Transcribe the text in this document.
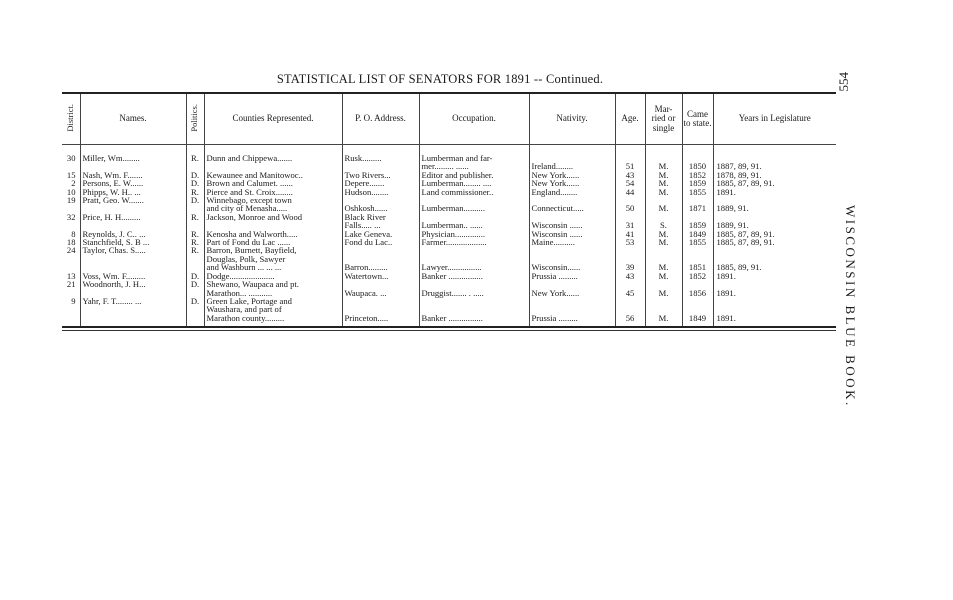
STATISTICAL LIST OF SENATORS FOR 1891 -- Continued.	554
WISCONSIN BLUE BOOK.
District.	Names.	Politics.	Counties Represented.	P. O. Address.	Occupation.	Nativity.	Age.	Mar- ried or single	Came to state.	Years in Legislature
30	Miller, Wm........	R.	Dunn and Chippewa.......	Rusk.........	Lumberman and far-
mer......... ......	Ireland........	51	M.	1850	1887, 89, 91.

15	Nash, Wm. F.......	D.	Kewaunee and Manitowoc..	Two Rivers...	Editor and publisher.	New York......	43	M.	1852	1878, 89, 91.

2	Persons, E. W......	D.	Brown and Calumet. ......	Depere.......	Lumberman........ ....	New York......	54	M.	1859	1885, 87, 89, 91.

10	Phipps, W. H.. ...	R.	Pierce and St. Croix........	Hudson........	Land commissioner..	England........	44	M.	1855	1891.

19	Pratt, Geo. W.......	D.	Winnebago, except town
and city of Menasha.....	Oshkosh......	Lumberman..........	Connecticut.....	50	M.	1871	1889, 91.

32	Price, H. H.........	R.	Jackson, Monroe and Wood	Black River
Falls..... ...	Lumberman.. ......	Wisconsin ......	31	S.	1859	1889, 91.

8	Reynolds, J. C.. ...	R.	Kenosha and Walworth.....	Lake Geneva.	Physician..............	Wisconsin ......	41	M.	1849	1885, 87, 89, 91.

18	Stanchfield, S. B ...	R.	Part of Fond du Lac ......	Fond du Lac..	Farmer...................	Maine..........	53	M.	1855	1885, 87, 89, 91.

24	Taylor, Chas. S.....	R.	Barron, Burnett, Bayfield,
Douglas, Polk, Sawyer
and Washburn ... ... ...	Barron.........	Lawyer................	Wisconsin......	39	M.	1851	1885, 89, 91.

13	Voss, Wm. F.........	D.	Dodge.....................	Watertown...	Banker ................	Prussia .........	43	M.	1852	1891.

21	Woodnorth, J. H...	D.	Shewano, Waupaca and pt.
Marathon... ...........	Waupaca. ...	Druggist....... . .....	New York......	45	M.	1856	1891.

9	Yahr, F. T........ ...	D.	Green Lake, Portage and
Waushara, and part of
Marathon county.........	Princeton.....	Banker ................	Prussia .........	56	M.	1849	1891.
